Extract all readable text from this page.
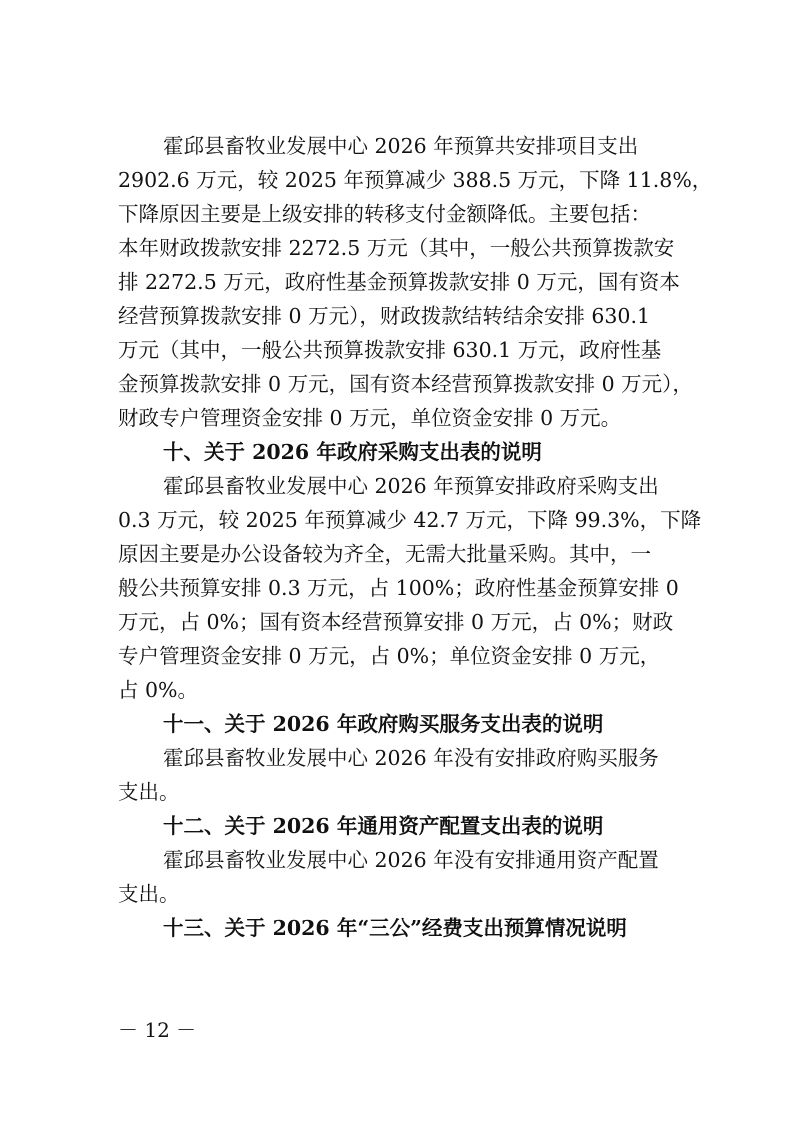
霍邱县畜牧业发展中心 2026 年预算共安排项目支出
2902.6 万元，较 2025 年预算减少 388.5 万元，下降 11.8%，
下降原因主要是上级安排的转移支付金额降低。主要包括：
本年财政拨款安排 2272.5 万元（其中，一般公共预算拨款安
排 2272.5 万元，政府性基金预算拨款安排 0 万元，国有资本
经营预算拨款安排 0 万元），财政拨款结转结余安排 630.1
万元（其中，一般公共预算拨款安排 630.1 万元，政府性基
金预算拨款安排 0 万元，国有资本经营预算拨款安排 0 万元），
财政专户管理资金安排 0 万元，单位资金安排 0 万元。
十、关于 2026 年政府采购支出表的说明
霍邱县畜牧业发展中心 2026 年预算安排政府采购支出
0.3 万元，较 2025 年预算减少 42.7 万元，下降 99.3%，下降
原因主要是办公设备较为齐全，无需大批量采购。其中，一
般公共预算安排 0.3 万元，占 100%；政府性基金预算安排 0
万元，占 0%；国有资本经营预算安排 0 万元，占 0%；财政
专户管理资金安排 0 万元，占 0%；单位资金安排 0 万元，
占 0%。
十一、关于 2026 年政府购买服务支出表的说明
霍邱县畜牧业发展中心 2026 年没有安排政府购买服务
支出。
十二、关于 2026 年通用资产配置支出表的说明
霍邱县畜牧业发展中心 2026 年没有安排通用资产配置
支出。
十三、关于 2026 年“三公”经费支出预算情况说明
－ 12 －
